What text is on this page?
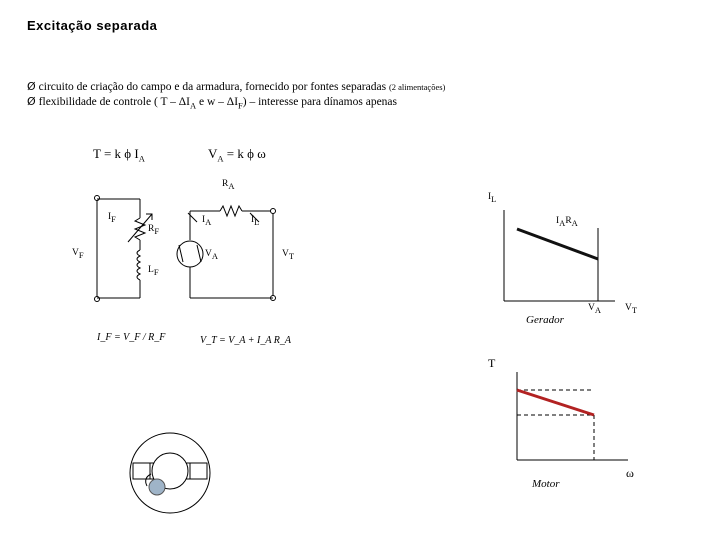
Excitação separada
Ø circuito de criação do campo e da armadura, fornecido por fontes separadas (2 alimentações)
Ø flexibilidade de controle ( T – $\Delta I_A$ e w – $\Delta I_F$) – interesse para dínamos apenas
T = k ϕ $I_A$	$V_A = k$ ϕ ω
$R_A$
$I_F$
$R_F$
$V_F$
$L_F$
$I_A$	$I_L$
$V_A$	$V_T$
I_F = V_F / R_F	V_T = V_A + I_A R_A
$I_L$
$I_AR_A$
$V_A$	$V_T$
Gerador
T
ω
Motor
